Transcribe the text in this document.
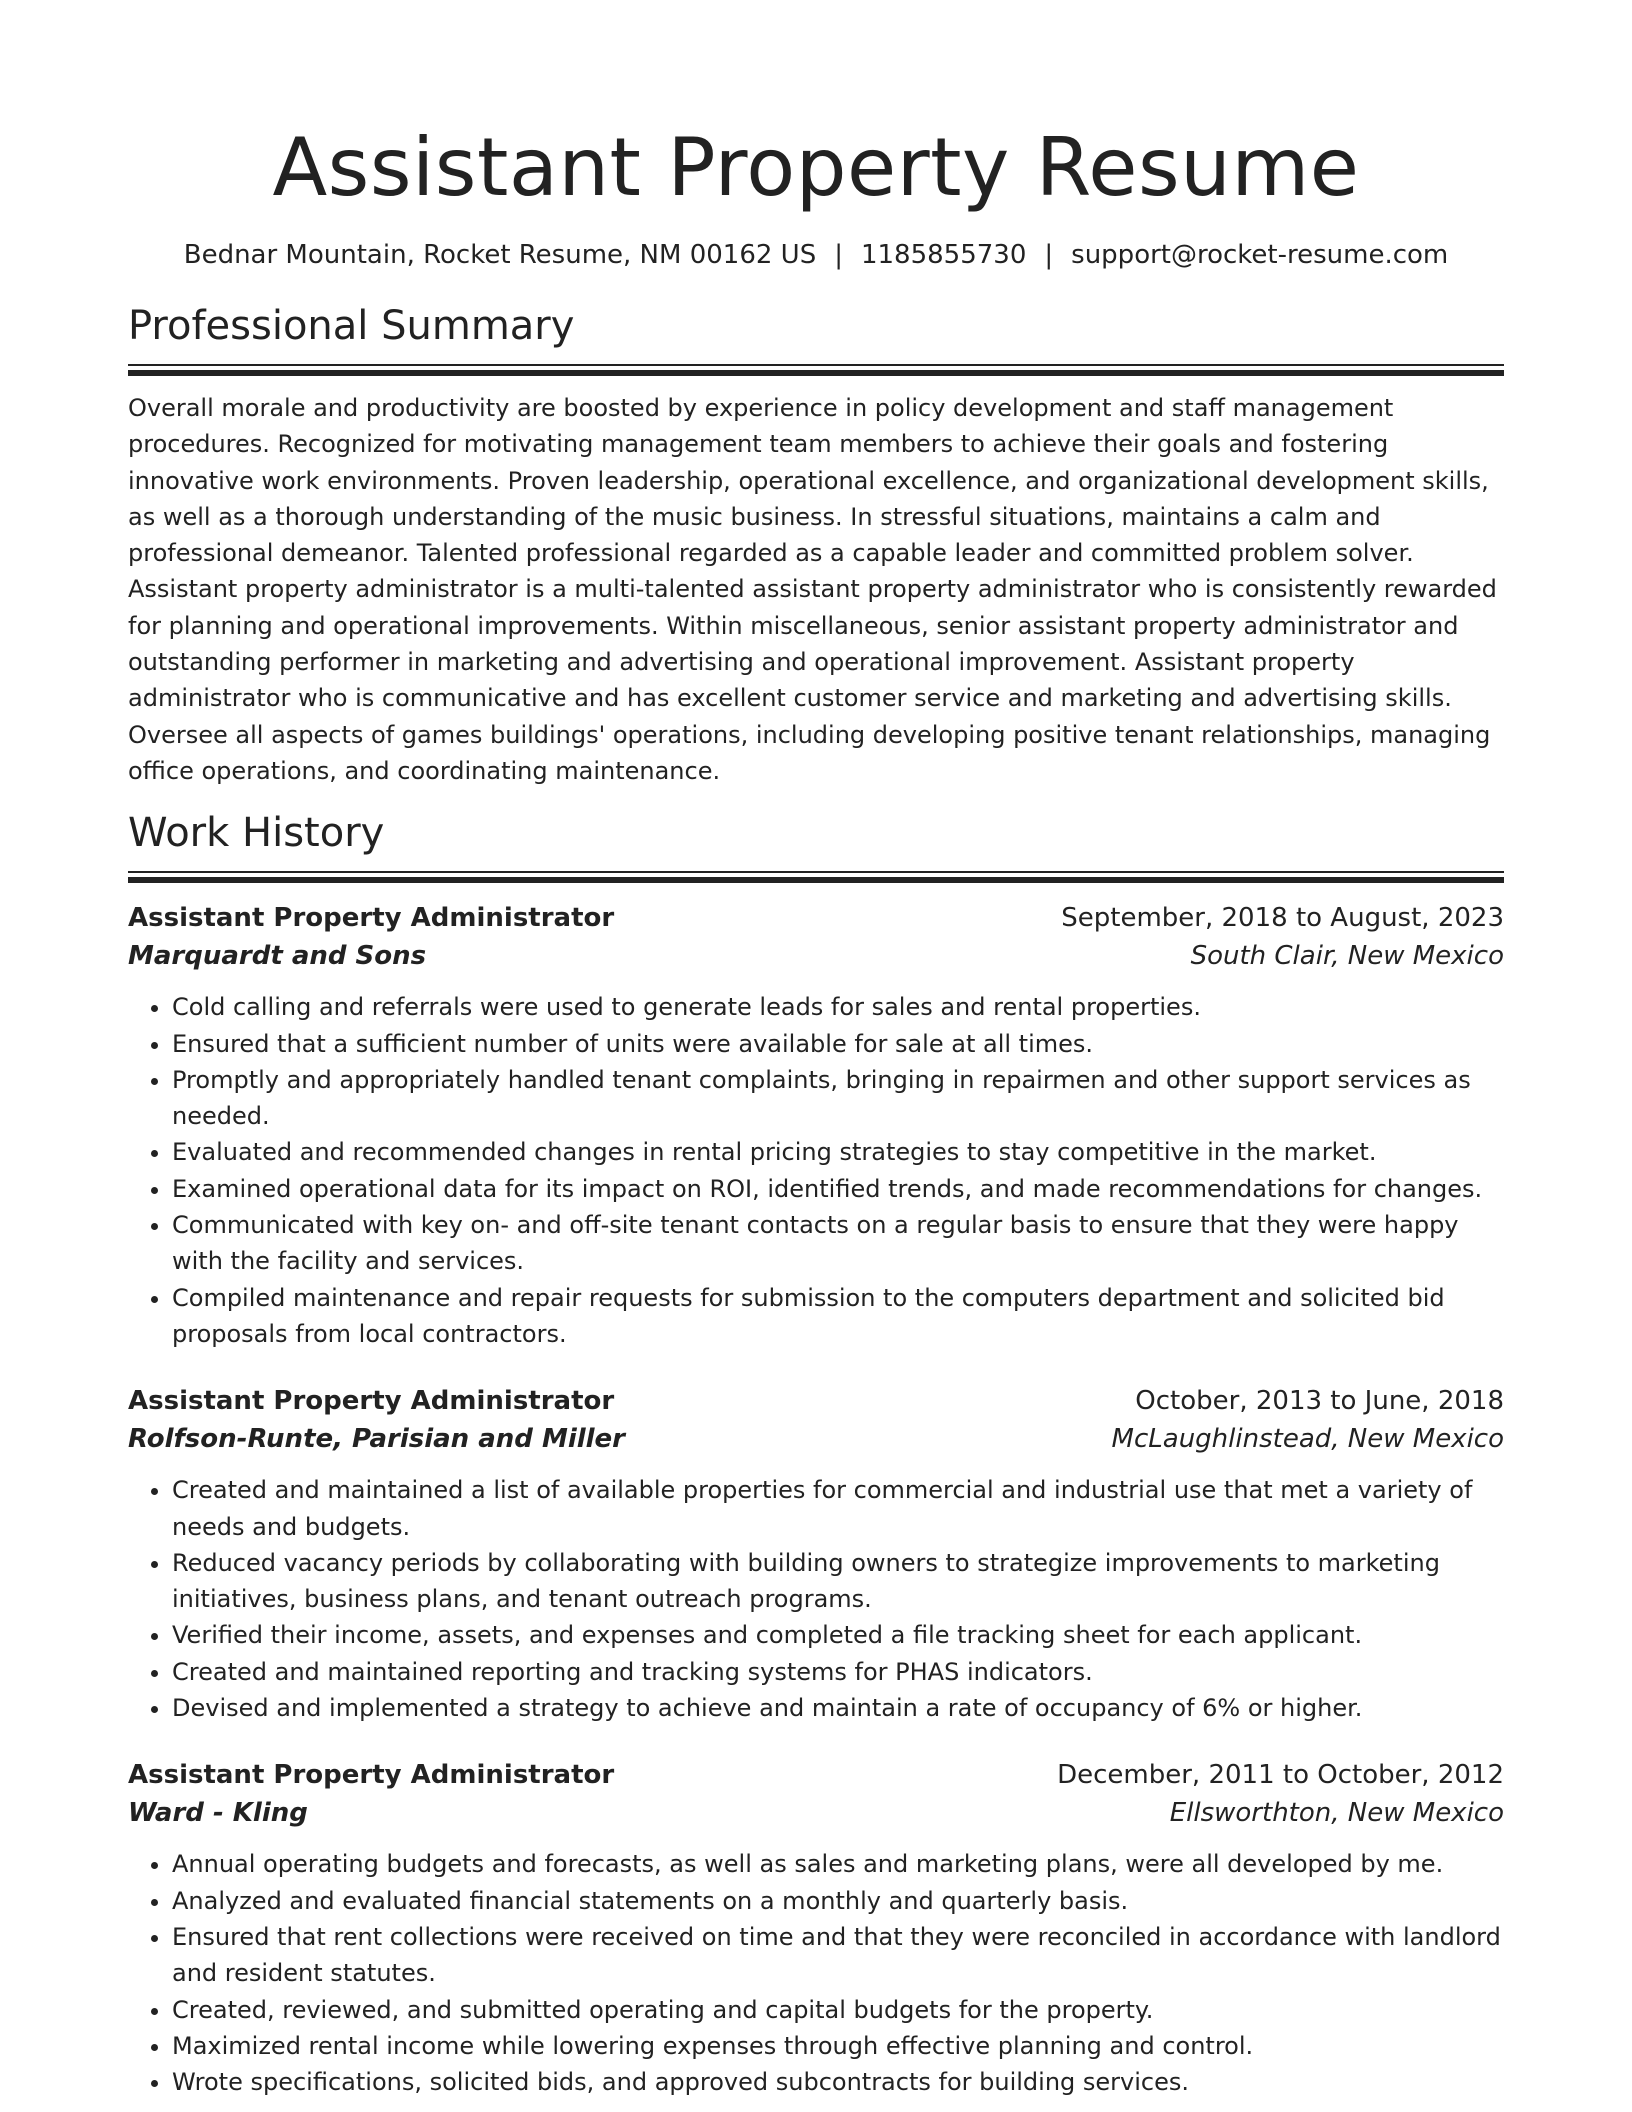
Assistant Property Resume
Bednar Mountain, Rocket Resume, NM 00162 US | 1185855730 | support@rocket-resume.com
Professional Summary

Overall morale and productivity are boosted by experience in policy development and staff management procedures. Recognized for motivating management team members to achieve their goals and fostering innovative work environments. Proven leadership, operational excellence, and organizational development skills, as well as a thorough understanding of the music business. In stressful situations, maintains a calm and professional demeanor. Talented professional regarded as a capable leader and committed problem solver. Assistant property administrator is a multi-talented assistant property administrator who is consistently rewarded for planning and operational improvements. Within miscellaneous, senior assistant property administrator and outstanding performer in marketing and advertising and operational improvement. Assistant property administrator who is communicative and has excellent customer service and marketing and advertising skills. Oversee all aspects of games buildings' operations, including developing positive tenant relationships, managing office operations, and coordinating maintenance.

Work History
Assistant Property Administrator	September, 2018 to August, 2023
Marquardt and Sons	South Clair, New Mexico
• Cold calling and referrals were used to generate leads for sales and rental properties.
• Ensured that a sufficient number of units were available for sale at all times.
• Promptly and appropriately handled tenant complaints, bringing in repairmen and other support services as needed.
• Evaluated and recommended changes in rental pricing strategies to stay competitive in the market.
• Examined operational data for its impact on ROI, identified trends, and made recommendations for changes.
• Communicated with key on- and off-site tenant contacts on a regular basis to ensure that they were happy with the facility and services.
• Compiled maintenance and repair requests for submission to the computers department and solicited bid proposals from local contractors.
Assistant Property Administrator	October, 2013 to June, 2018
Rolfson-Runte, Parisian and Miller	McLaughlinstead, New Mexico
• Created and maintained a list of available properties for commercial and industrial use that met a variety of needs and budgets.
• Reduced vacancy periods by collaborating with building owners to strategize improvements to marketing initiatives, business plans, and tenant outreach programs.
• Verified their income, assets, and expenses and completed a file tracking sheet for each applicant.
• Created and maintained reporting and tracking systems for PHAS indicators.
• Devised and implemented a strategy to achieve and maintain a rate of occupancy of 6% or higher.
Assistant Property Administrator	December, 2011 to October, 2012
Ward - Kling	Ellsworthton, New Mexico
• Annual operating budgets and forecasts, as well as sales and marketing plans, were all developed by me.
• Analyzed and evaluated financial statements on a monthly and quarterly basis.
• Ensured that rent collections were received on time and that they were reconciled in accordance with landlord and resident statutes.
• Created, reviewed, and submitted operating and capital budgets for the property.
• Maximized rental income while lowering expenses through effective planning and control.
• Wrote specifications, solicited bids, and approved subcontracts for building services.
